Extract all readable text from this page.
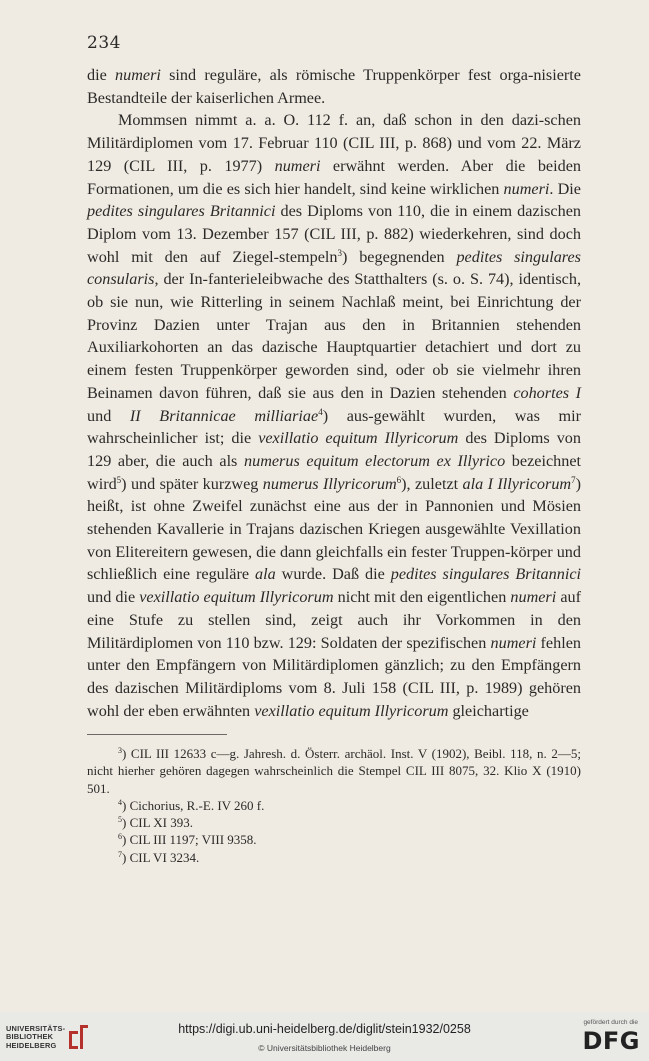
234

die numeri sind reguläre, als römische Truppenkörper fest orga-nisierte Bestandteile der kaiserlichen Armee.

Mommsen nimmt a. a. O. 112 f. an, daß schon in den dazi-schen Militärdiplomen vom 17. Februar 110 (CIL III, p. 868) und vom 22. März 129 (CIL III, p. 1977) numeri erwähnt werden. Aber die beiden Formationen, um die es sich hier handelt, sind keine wirklichen numeri. Die pedites singulares Britannici des Diploms von 110, die in einem dazischen Diplom vom 13. Dezember 157 (CIL III, p. 882) wiederkehren, sind doch wohl mit den auf Ziegel-stempeln$^3$) begegnenden pedites singulares consularis, der In-fanterieleibwache des Statthalters (s. o. S. 74), identisch, ob sie nun, wie Ritterling in seinem Nachlaß meint, bei Einrichtung der Provinz Dazien unter Trajan aus den in Britannien stehenden Auxiliarkohorten an das dazische Hauptquartier detachiert und dort zu einem festen Truppenkörper geworden sind, oder ob sie vielmehr ihren Beinamen davon führen, daß sie aus den in Dazien stehenden cohortes I und II Britannicae milliariae$^4$) aus-gewählt wurden, was mir wahrscheinlicher ist; die vexillatio equitum Illyricorum des Diploms von 129 aber, die auch als numerus equitum electorum ex Illyrico bezeichnet wird$^5$) und später kurzweg numerus Illyricorum$^6$), zuletzt ala I Illyricorum$^7$) heißt, ist ohne Zweifel zunächst eine aus der in Pannonien und Mösien stehenden Kavallerie in Trajans dazischen Kriegen ausgewählte Vexillation von Elitereitern gewesen, die dann gleichfalls ein fester Truppen-körper und schließlich eine reguläre ala wurde. Daß die pedites singulares Britannici und die vexillatio equitum Illyricorum nicht mit den eigentlichen numeri auf eine Stufe zu stellen sind, zeigt auch ihr Vorkommen in den Militärdiplomen von 110 bzw. 129: Soldaten der spezifischen numeri fehlen unter den Empfängern von Militärdiplomen gänzlich; zu den Empfängern des dazischen Militärdiploms vom 8. Juli 158 (CIL III, p. 1989) gehören wohl der eben erwähnten vexillatio equitum Illyricorum gleichartige

$^3$) CIL III 12633 c—g. Jahresh. d. Österr. archäol. Inst. V (1902), Beibl. 118, n. 2—5; nicht hierher gehören dagegen wahrscheinlich die Stempel CIL III 8075, 32. Klio X (1910) 501.
$^4$) Cichorius, R.-E. IV 260 f.
$^5$) CIL XI 393.
$^6$) CIL III 1197; VIII 9358.
$^7$) CIL VI 3234.
UNIVERSITÄTS-
BIBLIOTHEK
HEIDELBERG
https://digi.ub.uni-heidelberg.de/diglit/stein1932/0258
© Universitätsbibliothek Heidelberg
gefördert durch die
DFG
